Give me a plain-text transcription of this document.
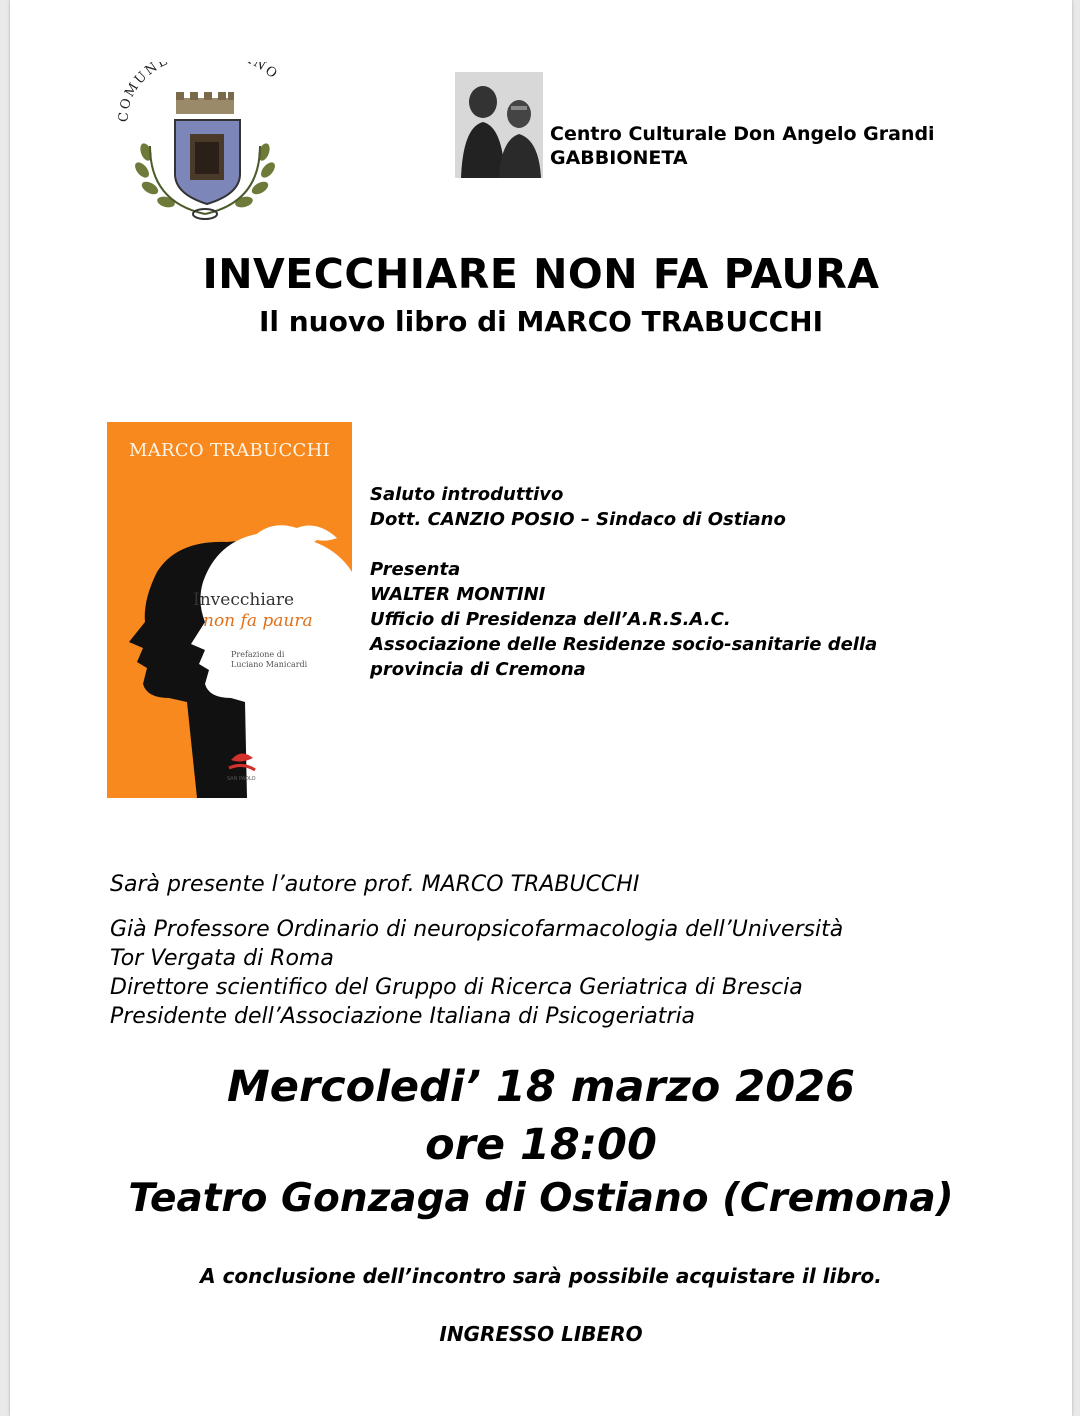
COMUN NO
Centro Culturale Don Angelo Grandi
GABBIONETA
INVECCHIARE NON FA PAURA
Il nuovo libro di MARCO TRABUCCHI
SAN PAOLO
MARCO TRABUCCHI
Invecchiare
non fa paura
Prefazione di
Luciano Manicardi

Saluto introduttivo

Dott. CANZIO POSIO – Sindaco di Ostiano

Presenta

WALTER MONTINI

Ufficio di Presidenza dell’A.R.S.A.C.

Associazione delle Residenze socio-sanitarie della

provincia di Cremona

Sarà presente l’autore prof. MARCO TRABUCCHI

Già Professore Ordinario di neuropsicofarmacologia dell’Università

Tor Vergata di Roma

Direttore scientifico del Gruppo di Ricerca Geriatrica di Brescia

Presidente dell’Associazione Italiana di Psicogeriatria

Mercoledi’ 18 marzo 2026
ore 18:00
Teatro Gonzaga di Ostiano (Cremona)
A conclusione dell’incontro sarà possibile acquistare il libro.
INGRESSO LIBERO
